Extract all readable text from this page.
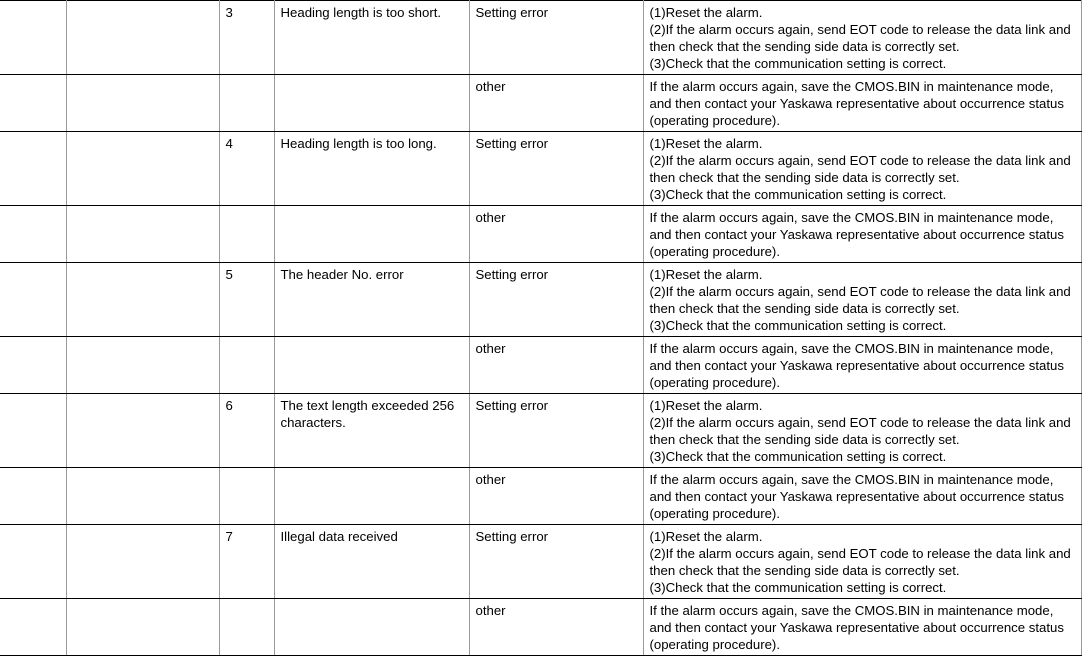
		3	Heading length is too short.	Setting error	(1)Reset the alarm.
(2)If the alarm occurs again, send EOT code to release the data link and then check that the sending side data is correctly set.
(3)Check that the communication setting is correct.
				other	If the alarm occurs again, save the CMOS.BIN in maintenance mode, and then contact your Yaskawa representative about occurrence status (operating procedure).
		4	Heading length is too long.	Setting error	(1)Reset the alarm.
(2)If the alarm occurs again, send EOT code to release the data link and then check that the sending side data is correctly set.
(3)Check that the communication setting is correct.
				other	If the alarm occurs again, save the CMOS.BIN in maintenance mode, and then contact your Yaskawa representative about occurrence status (operating procedure).
		5	The header No. error	Setting error	(1)Reset the alarm.
(2)If the alarm occurs again, send EOT code to release the data link and then check that the sending side data is correctly set.
(3)Check that the communication setting is correct.
				other	If the alarm occurs again, save the CMOS.BIN in maintenance mode, and then contact your Yaskawa representative about occurrence status (operating procedure).
		6	The text length exceeded 256 characters.	Setting error	(1)Reset the alarm.
(2)If the alarm occurs again, send EOT code to release the data link and then check that the sending side data is correctly set.
(3)Check that the communication setting is correct.
				other	If the alarm occurs again, save the CMOS.BIN in maintenance mode, and then contact your Yaskawa representative about occurrence status (operating procedure).
		7	Illegal data received	Setting error	(1)Reset the alarm.
(2)If the alarm occurs again, send EOT code to release the data link and then check that the sending side data is correctly set.
(3)Check that the communication setting is correct.
				other	If the alarm occurs again, save the CMOS.BIN in maintenance mode, and then contact your Yaskawa representative about occurrence status (operating procedure).
